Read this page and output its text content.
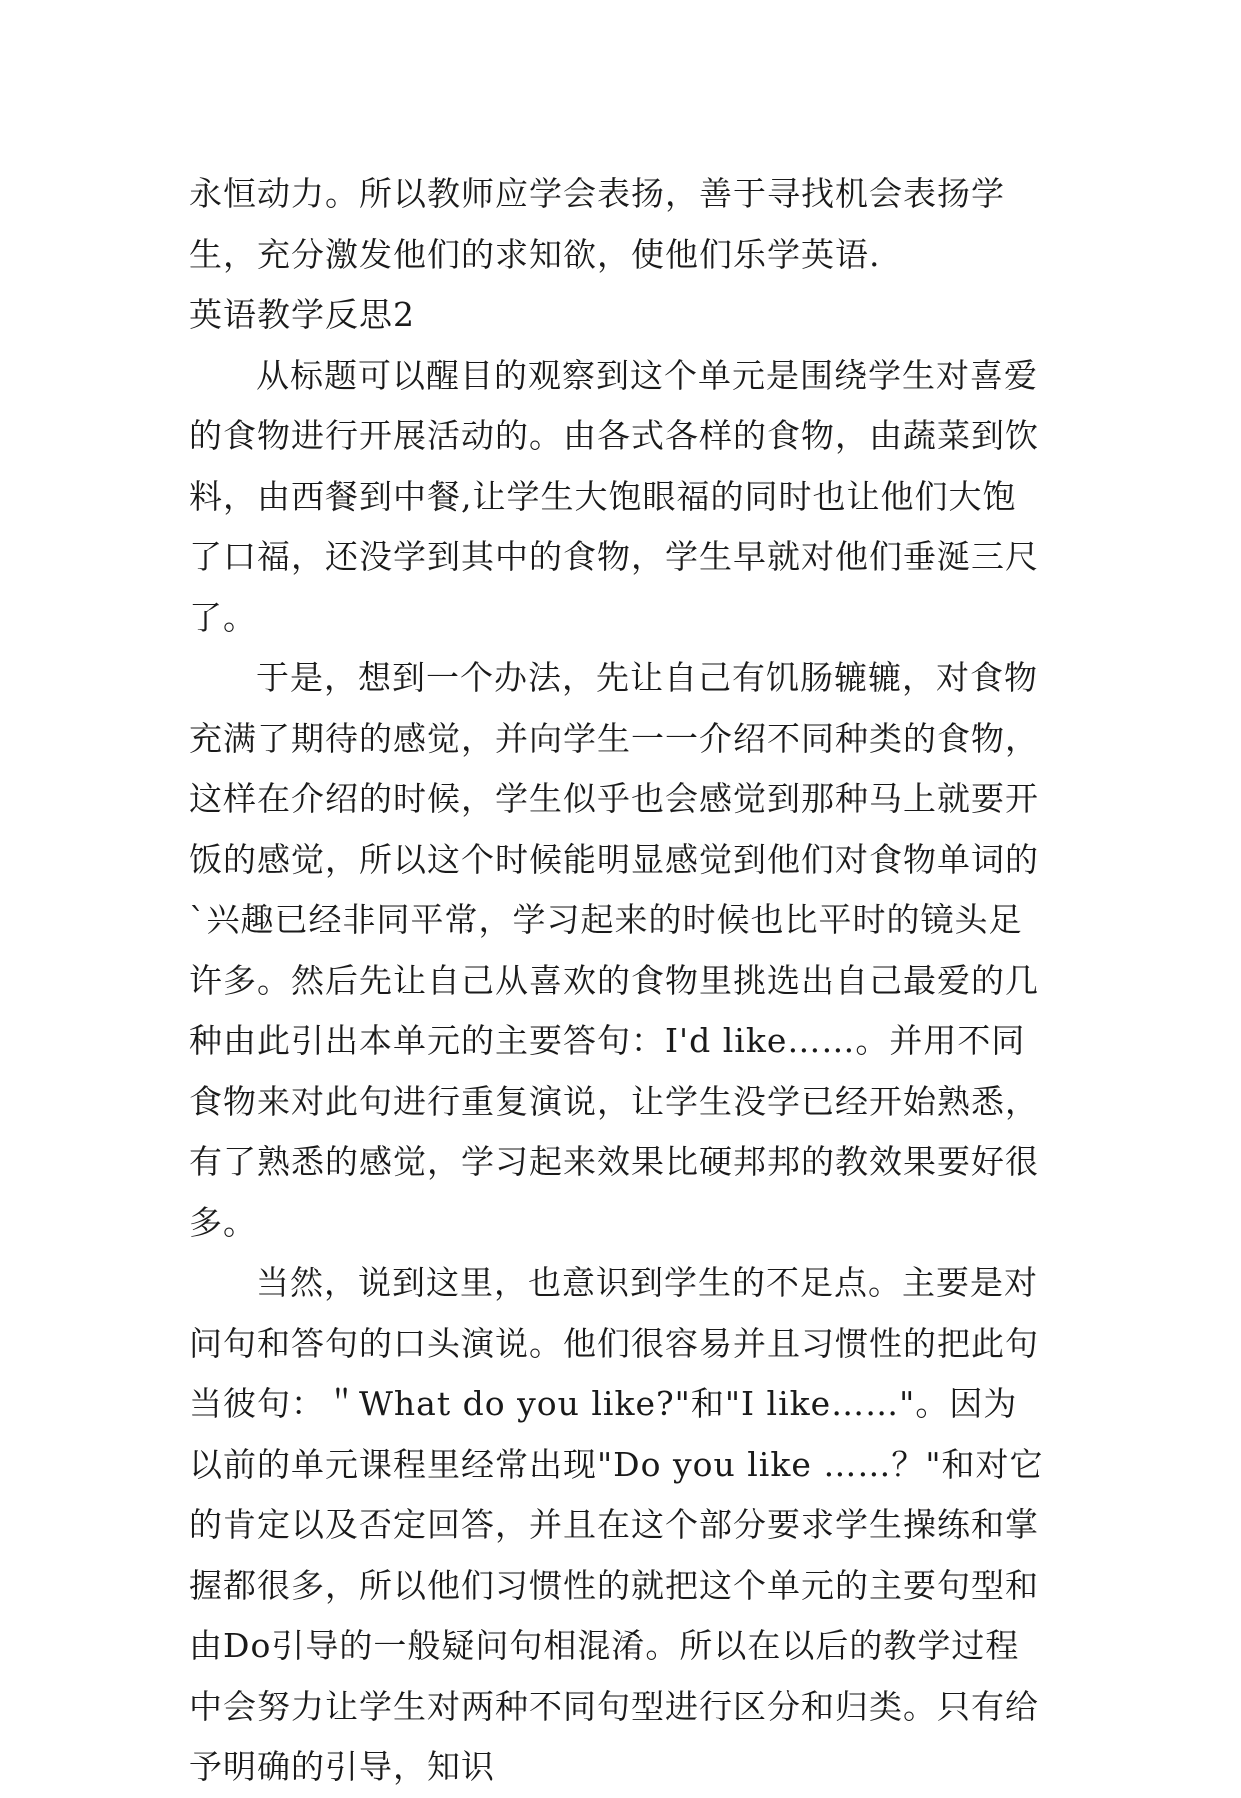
永恒动力。所以教师应学会表扬，善于寻找机会表扬学生，充分激发他们的求知欲，使他们乐学英语.

英语教学反思2

从标题可以醒目的观察到这个单元是围绕学生对喜爱的食物进行开展活动的。由各式各样的食物，由蔬菜到饮料，由西餐到中餐,让学生大饱眼福的同时也让他们大饱了口福，还没学到其中的食物，学生早就对他们垂涎三尺了。

于是，想到一个办法，先让自己有饥肠辘辘，对食物充满了期待的感觉，并向学生一一介绍不同种类的食物，这样在介绍的时候，学生似乎也会感觉到那种马上就要开饭的感觉，所以这个时候能明显感觉到他们对食物单词的`兴趣已经非同平常，学习起来的时候也比平时的镜头足许多。然后先让自己从喜欢的食物里挑选出自己最爱的几种由此引出本单元的主要答句：I'd like……。并用不同食物来对此句进行重复演说，让学生没学已经开始熟悉，有了熟悉的感觉，学习起来效果比硬邦邦的教效果要好很多。

当然，说到这里，也意识到学生的不足点。主要是对问句和答句的口头演说。他们很容易并且习惯性的把此句当彼句：＂What do you like?"和"I like……"。因为以前的单元课程里经常出现"Do you like ……？"和对它的肯定以及否定回答，并且在这个部分要求学生操练和掌握都很多，所以他们习惯性的就把这个单元的主要句型和由Do引导的一般疑问句相混淆。所以在以后的教学过程中会努力让学生对两种不同句型进行区分和归类。只有给予明确的引导，知识
